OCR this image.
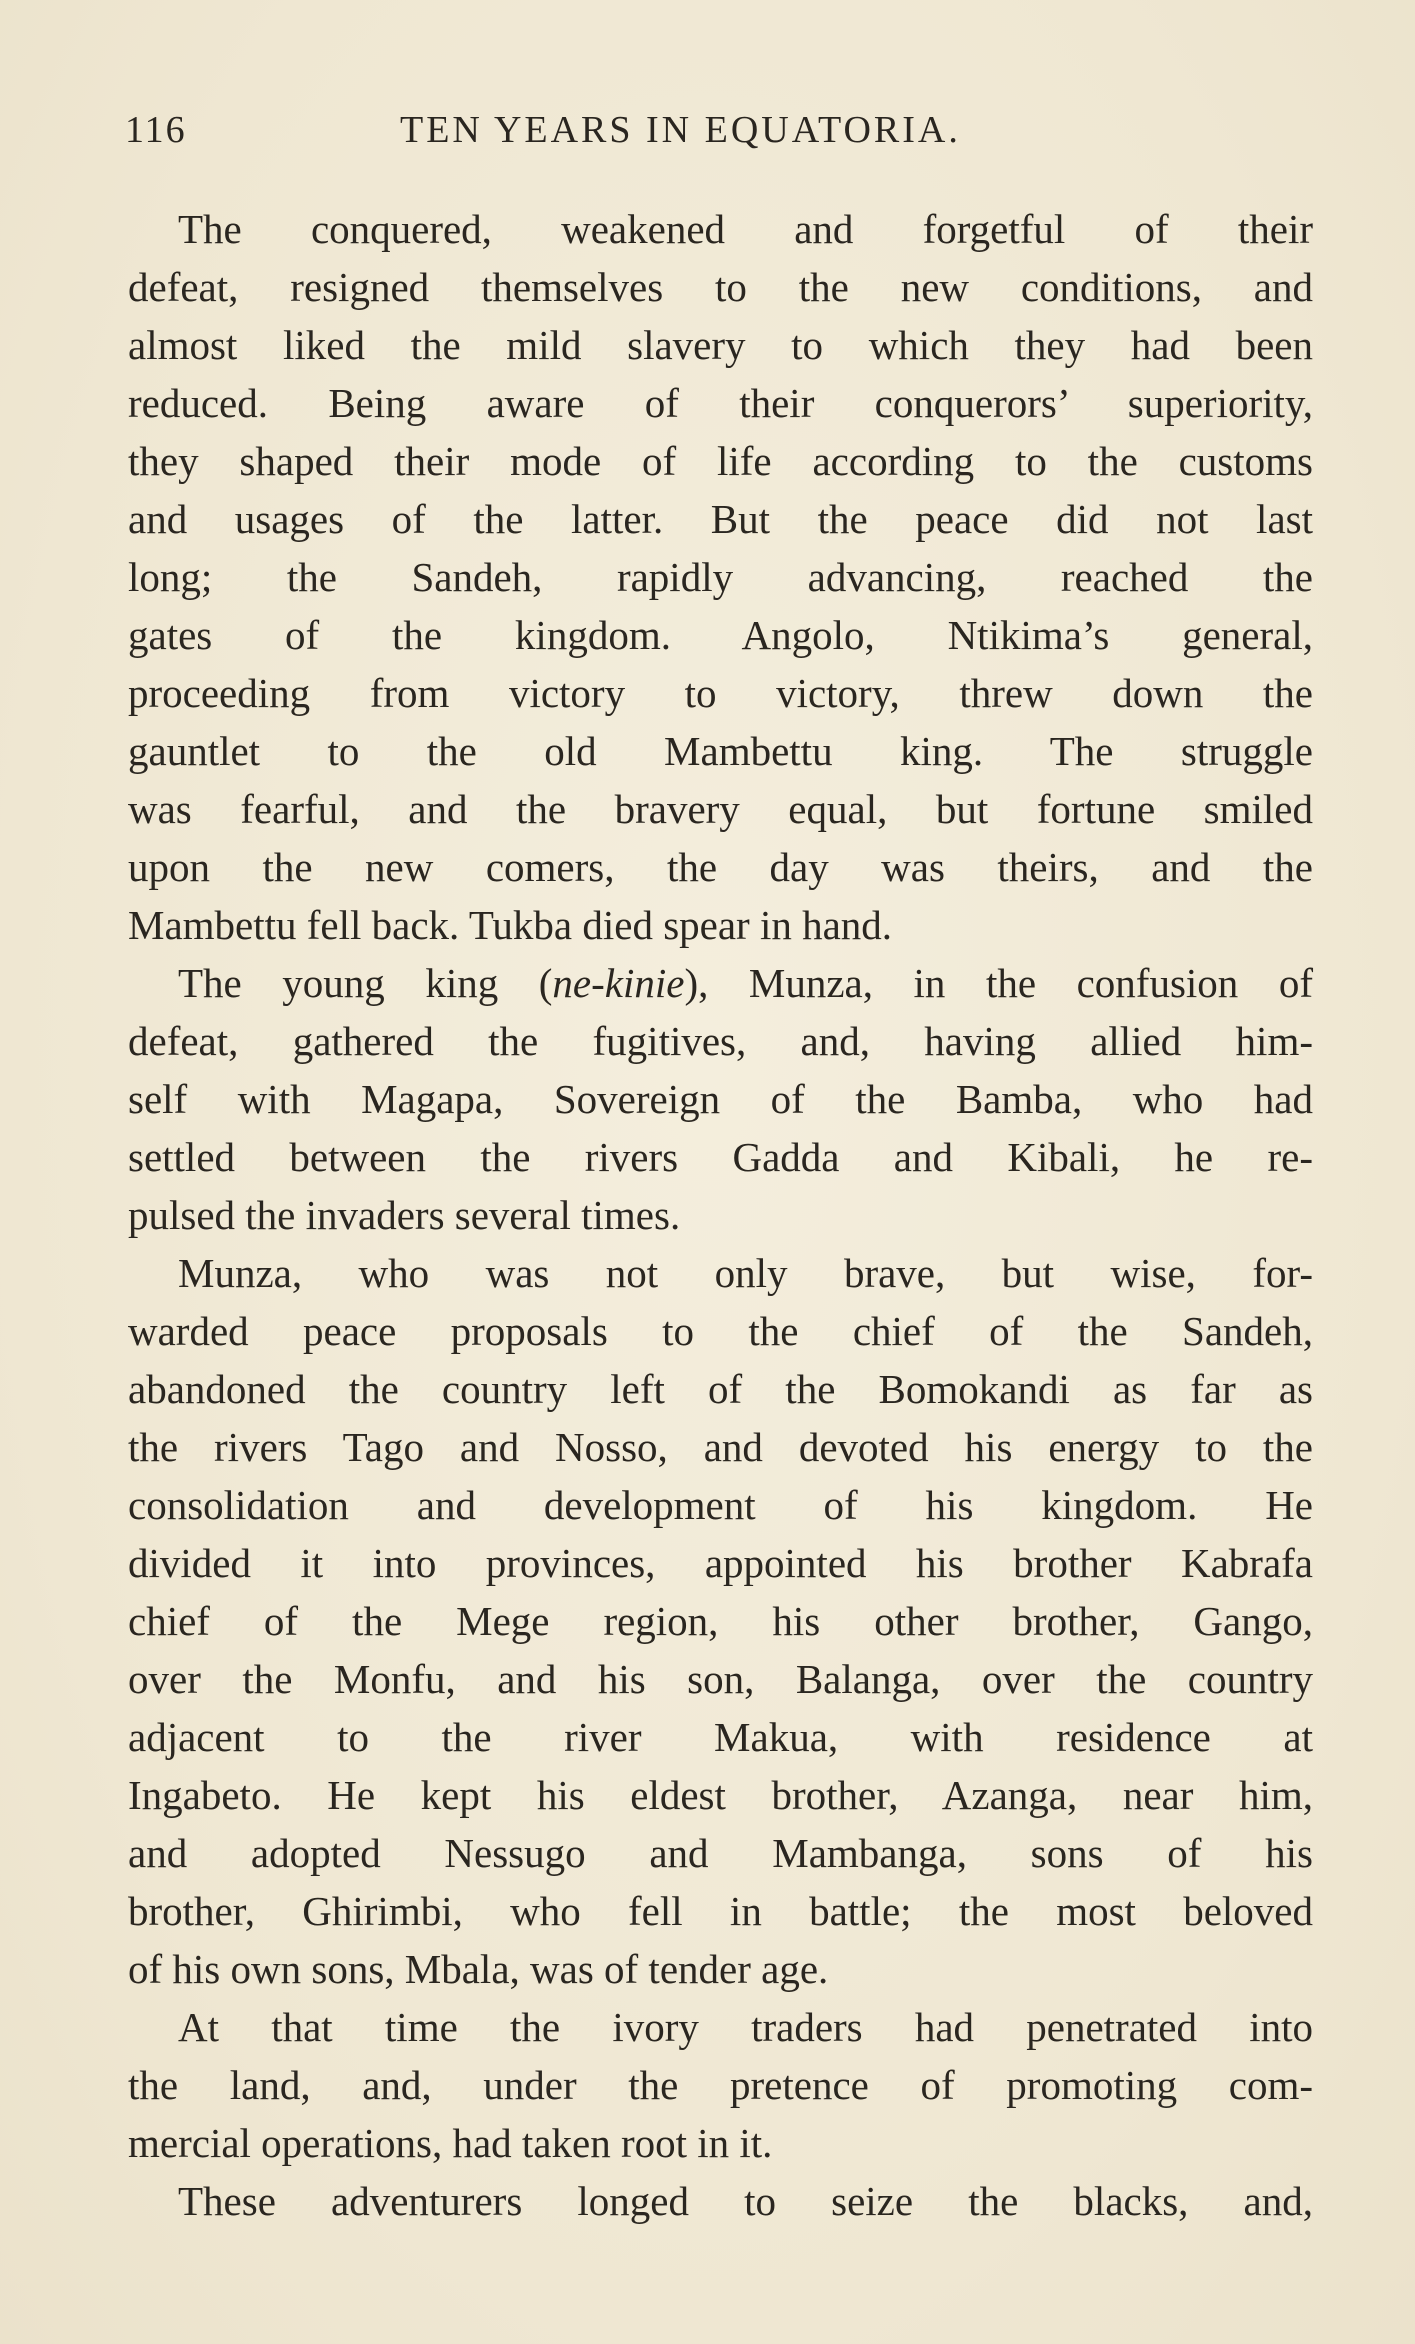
116	TEN YEARS IN EQUATORIA.
The conquered, weakened and forgetful of their
defeat, resigned themselves to the new conditions, and
almost liked the mild slavery to which they had been
reduced. Being aware of their conquerors’ superiority,
they shaped their mode of life according to the customs
and usages of the latter. But the peace did not last
long; the Sandeh, rapidly advancing, reached the
gates of the kingdom. Angolo, Ntikima’s general,
proceeding from victory to victory, threw down the
gauntlet to the old Mambettu king. The struggle
was fearful, and the bravery equal, but fortune smiled
upon the new comers, the day was theirs, and the
Mambettu fell back. Tukba died spear in hand.
The young king (ne-kinie), Munza, in the confusion of
defeat, gathered the fugitives, and, having allied him-
self with Magapa, Sovereign of the Bamba, who had
settled between the rivers Gadda and Kibali, he re-
pulsed the invaders several times.
Munza, who was not only brave, but wise, for-
warded peace proposals to the chief of the Sandeh,
abandoned the country left of the Bomokandi as far as
the rivers Tago and Nosso, and devoted his energy to the
consolidation and development of his kingdom. He
divided it into provinces, appointed his brother Kabrafa
chief of the Mege region, his other brother, Gango,
over the Monfu, and his son, Balanga, over the country
adjacent to the river Makua, with residence at
Ingabeto. He kept his eldest brother, Azanga, near him,
and adopted Nessugo and Mambanga, sons of his
brother, Ghirimbi, who fell in battle; the most beloved
of his own sons, Mbala, was of tender age.
At that time the ivory traders had penetrated into
the land, and, under the pretence of promoting com-
mercial operations, had taken root in it.
These adventurers longed to seize the blacks, and,
